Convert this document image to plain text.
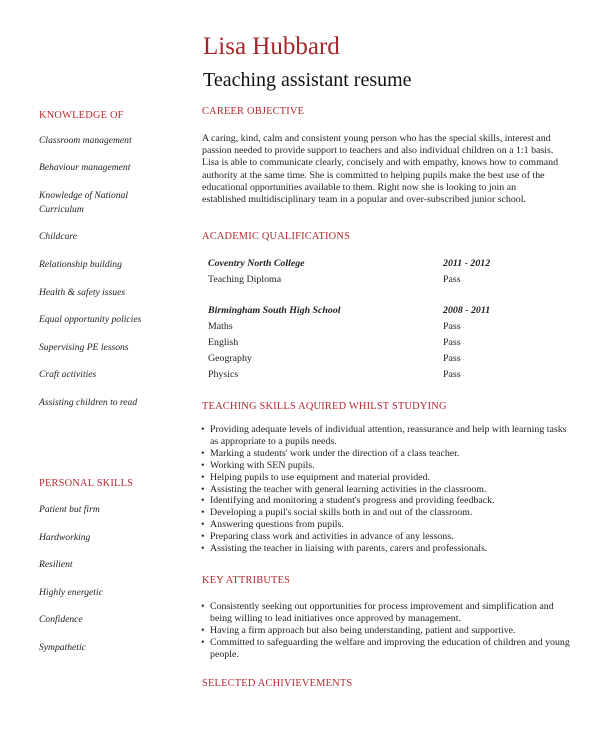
Lisa Hubbard
Teaching assistant resume
KNOWLEDGE OF
Classroom management
Behaviour management
Knowledge of National Curriculum
Childcare
Relationship building
Health & safety issues
Equal opportunity policies
Supervising PE lessons
Craft activities
Assisting children to read
PERSONAL SKILLS
Patient but firm
Hardworking
Resilient
Highly energetic
Confidence
Sympathetic
CAREER OBJECTIVE

A caring, kind, calm and consistent young person who has the special skills, interest and passion needed to provide support to teachers and also individual children on a 1:1 basis. Lisa is able to communicate clearly, concisely and with empathy, knows how to command authority at the same time. She is committed to helping pupils make the best use of the educational opportunities available to them. Right now she is looking to join an established multidisciplinary team in a popular and over-subscribed junior school.

ACADEMIC QUALIFICATIONS
Coventry North College	2011 - 2012
Teaching Diploma	Pass
Birmingham South High School	2008 - 2011
Maths	Pass
English	Pass
Geography	Pass
Physics	Pass
TEACHING SKILLS AQUIRED WHILST STUDYING
• Providing adequate levels of individual attention, reassurance and help with learning tasks as appropriate to a pupils needs.
• Marking a students' work under the direction of a class teacher.
• Working with SEN pupils.
• Helping pupils to use equipment and material provided.
• Assisting the teacher with general learning activities in the classroom.
• Identifying and monitoring a student's progress and providing feedback.
• Developing a pupil's social skills both in and out of the classroom.
• Answering questions from pupils.
• Preparing class work and activities in advance of any lessons.
• Assisting the teacher in liaising with parents, carers and professionals.
KEY ATTRIBUTES
• Consistently seeking out opportunities for process improvement and simplification and being willing to lead initiatives once approved by management.
• Having a firm approach but also being understanding, patient and supportive.
• Committed to safeguarding the welfare and improving the education of children and young people.
SELECTED ACHIVIEVEMENTS
